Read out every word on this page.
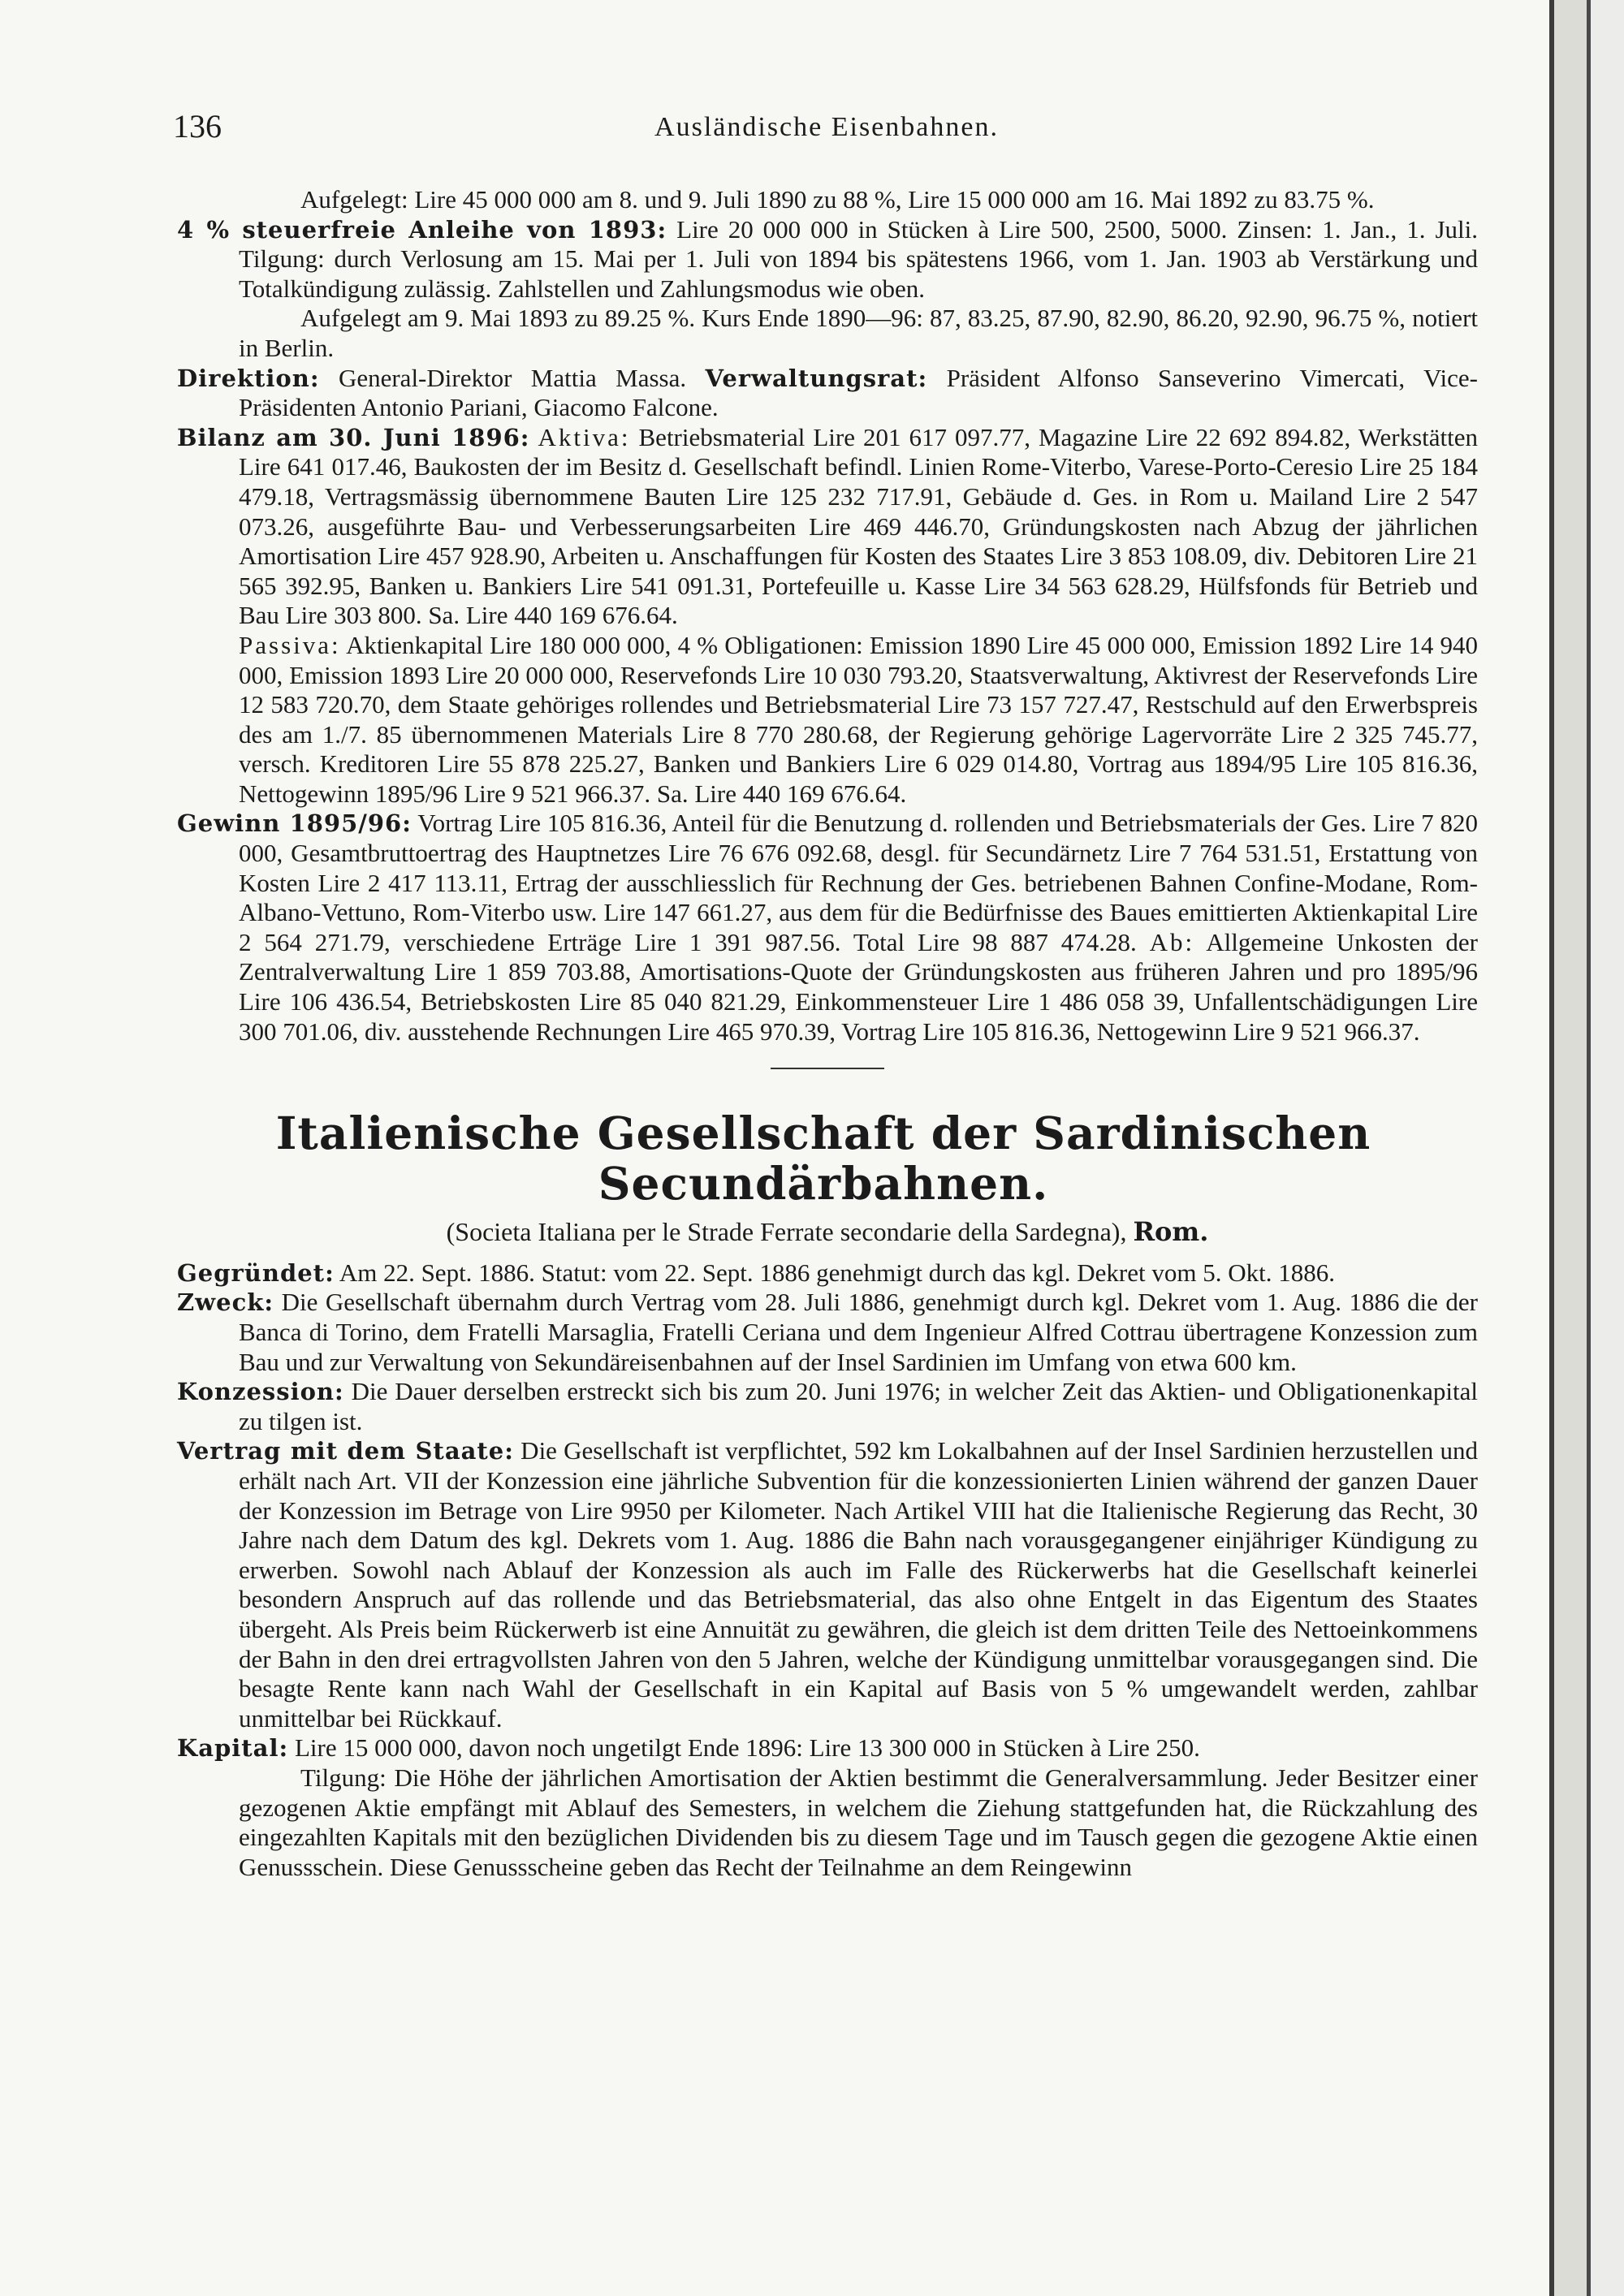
136	Ausländische Eisenbahnen.

Aufgelegt: Lire 45 000 000 am 8. und 9. Juli 1890 zu 88 %, Lire 15 000 000 am 16. Mai 1892 zu 83.75 %.

4 % steuerfreie Anleihe von 1893: Lire 20 000 000 in Stücken à Lire 500, 2500, 5000. Zinsen: 1. Jan., 1. Juli. Tilgung: durch Verlosung am 15. Mai per 1. Juli von 1894 bis spätestens 1966, vom 1. Jan. 1903 ab Verstärkung und Totalkündigung zulässig. Zahlstellen und Zahlungsmodus wie oben.

Aufgelegt am 9. Mai 1893 zu 89.25 %. Kurs Ende 1890—96: 87, 83.25, 87.90, 82.90, 86.20, 92.90, 96.75 %, notiert in Berlin.

Direktion: General-Direktor Mattia Massa. Verwaltungsrat: Präsident Alfonso Sanseverino Vimercati, Vice-Präsidenten Antonio Pariani, Giacomo Falcone.

Bilanz am 30. Juni 1896: Aktiva: Betriebsmaterial Lire 201 617 097.77, Magazine Lire 22 692 894.82, Werkstätten Lire 641 017.46, Baukosten der im Besitz d. Gesellschaft befindl. Linien Rome-Viterbo, Varese-Porto-Ceresio Lire 25 184 479.18, Vertragsmässig übernommene Bauten Lire 125 232 717.91, Gebäude d. Ges. in Rom u. Mailand Lire 2 547 073.26, ausgeführte Bau- und Verbesserungsarbeiten Lire 469 446.70, Gründungskosten nach Abzug der jährlichen Amortisation Lire 457 928.90, Arbeiten u. Anschaffungen für Kosten des Staates Lire 3 853 108.09, div. Debitoren Lire 21 565 392.95, Banken u. Bankiers Lire 541 091.31, Portefeuille u. Kasse Lire 34 563 628.29, Hülfsfonds für Betrieb und Bau Lire 303 800. Sa. Lire 440 169 676.64.

Passiva: Aktienkapital Lire 180 000 000, 4 % Obligationen: Emission 1890 Lire 45 000 000, Emission 1892 Lire 14 940 000, Emission 1893 Lire 20 000 000, Reservefonds Lire 10 030 793.20, Staatsverwaltung, Aktivrest der Reservefonds Lire 12 583 720.70, dem Staate gehöriges rollendes und Betriebsmaterial Lire 73 157 727.47, Restschuld auf den Erwerbspreis des am 1./7. 85 übernommenen Materials Lire 8 770 280.68, der Regierung gehörige Lagervorräte Lire 2 325 745.77, versch. Kreditoren Lire 55 878 225.27, Banken und Bankiers Lire 6 029 014.80, Vortrag aus 1894/95 Lire 105 816.36, Nettogewinn 1895/96 Lire 9 521 966.37. Sa. Lire 440 169 676.64.

Gewinn 1895/96: Vortrag Lire 105 816.36, Anteil für die Benutzung d. rollenden und Betriebsmaterials der Ges. Lire 7 820 000, Gesamtbruttoertrag des Hauptnetzes Lire 76 676 092.68, desgl. für Secundärnetz Lire 7 764 531.51, Erstattung von Kosten Lire 2 417 113.11, Ertrag der ausschliesslich für Rechnung der Ges. betriebenen Bahnen Confine-Modane, Rom-Albano-Vettuno, Rom-Viterbo usw. Lire 147 661.27, aus dem für die Bedürfnisse des Baues emittierten Aktienkapital Lire 2 564 271.79, verschiedene Erträge Lire 1 391 987.56. Total Lire 98 887 474.28. Ab: Allgemeine Unkosten der Zentralverwaltung Lire 1 859 703.88, Amortisations-Quote der Gründungskosten aus früheren Jahren und pro 1895/96 Lire 106 436.54, Betriebskosten Lire 85 040 821.29, Einkommensteuer Lire 1 486 058 39, Unfallentschädigungen Lire 300 701.06, div. ausstehende Rechnungen Lire 465 970.39, Vortrag Lire 105 816.36, Nettogewinn Lire 9 521 966.37.

Italienische Gesellschaft der Sardinischen Secundärbahnen.
(Societa Italiana per le Strade Ferrate secondarie della Sardegna), Rom.

Gegründet: Am 22. Sept. 1886. Statut: vom 22. Sept. 1886 genehmigt durch das kgl. Dekret vom 5. Okt. 1886.

Zweck: Die Gesellschaft übernahm durch Vertrag vom 28. Juli 1886, genehmigt durch kgl. Dekret vom 1. Aug. 1886 die der Banca di Torino, dem Fratelli Marsaglia, Fratelli Ceriana und dem Ingenieur Alfred Cottrau übertragene Konzession zum Bau und zur Verwaltung von Sekundäreisenbahnen auf der Insel Sardinien im Umfang von etwa 600 km.

Konzession: Die Dauer derselben erstreckt sich bis zum 20. Juni 1976; in welcher Zeit das Aktien- und Obligationenkapital zu tilgen ist.

Vertrag mit dem Staate: Die Gesellschaft ist verpflichtet, 592 km Lokalbahnen auf der Insel Sardinien herzustellen und erhält nach Art. VII der Konzession eine jährliche Subvention für die konzessionierten Linien während der ganzen Dauer der Konzession im Betrage von Lire 9950 per Kilometer. Nach Artikel VIII hat die Italienische Regierung das Recht, 30 Jahre nach dem Datum des kgl. Dekrets vom 1. Aug. 1886 die Bahn nach vorausgegangener einjähriger Kündigung zu erwerben. Sowohl nach Ablauf der Konzession als auch im Falle des Rückerwerbs hat die Gesellschaft keinerlei besondern Anspruch auf das rollende und das Betriebsmaterial, das also ohne Entgelt in das Eigentum des Staates übergeht. Als Preis beim Rückerwerb ist eine Annuität zu gewähren, die gleich ist dem dritten Teile des Nettoeinkommens der Bahn in den drei ertragvollsten Jahren von den 5 Jahren, welche der Kündigung unmittelbar vorausgegangen sind. Die besagte Rente kann nach Wahl der Gesellschaft in ein Kapital auf Basis von 5 % umgewandelt werden, zahlbar unmittelbar bei Rückkauf.

Kapital: Lire 15 000 000, davon noch ungetilgt Ende 1896: Lire 13 300 000 in Stücken à Lire 250.

Tilgung: Die Höhe der jährlichen Amortisation der Aktien bestimmt die Generalversammlung. Jeder Besitzer einer gezogenen Aktie empfängt mit Ablauf des Semesters, in welchem die Ziehung stattgefunden hat, die Rückzahlung des eingezahlten Kapitals mit den bezüglichen Dividenden bis zu diesem Tage und im Tausch gegen die gezogene Aktie einen Genussschein. Diese Genussscheine geben das Recht der Teilnahme an dem Reingewinn
